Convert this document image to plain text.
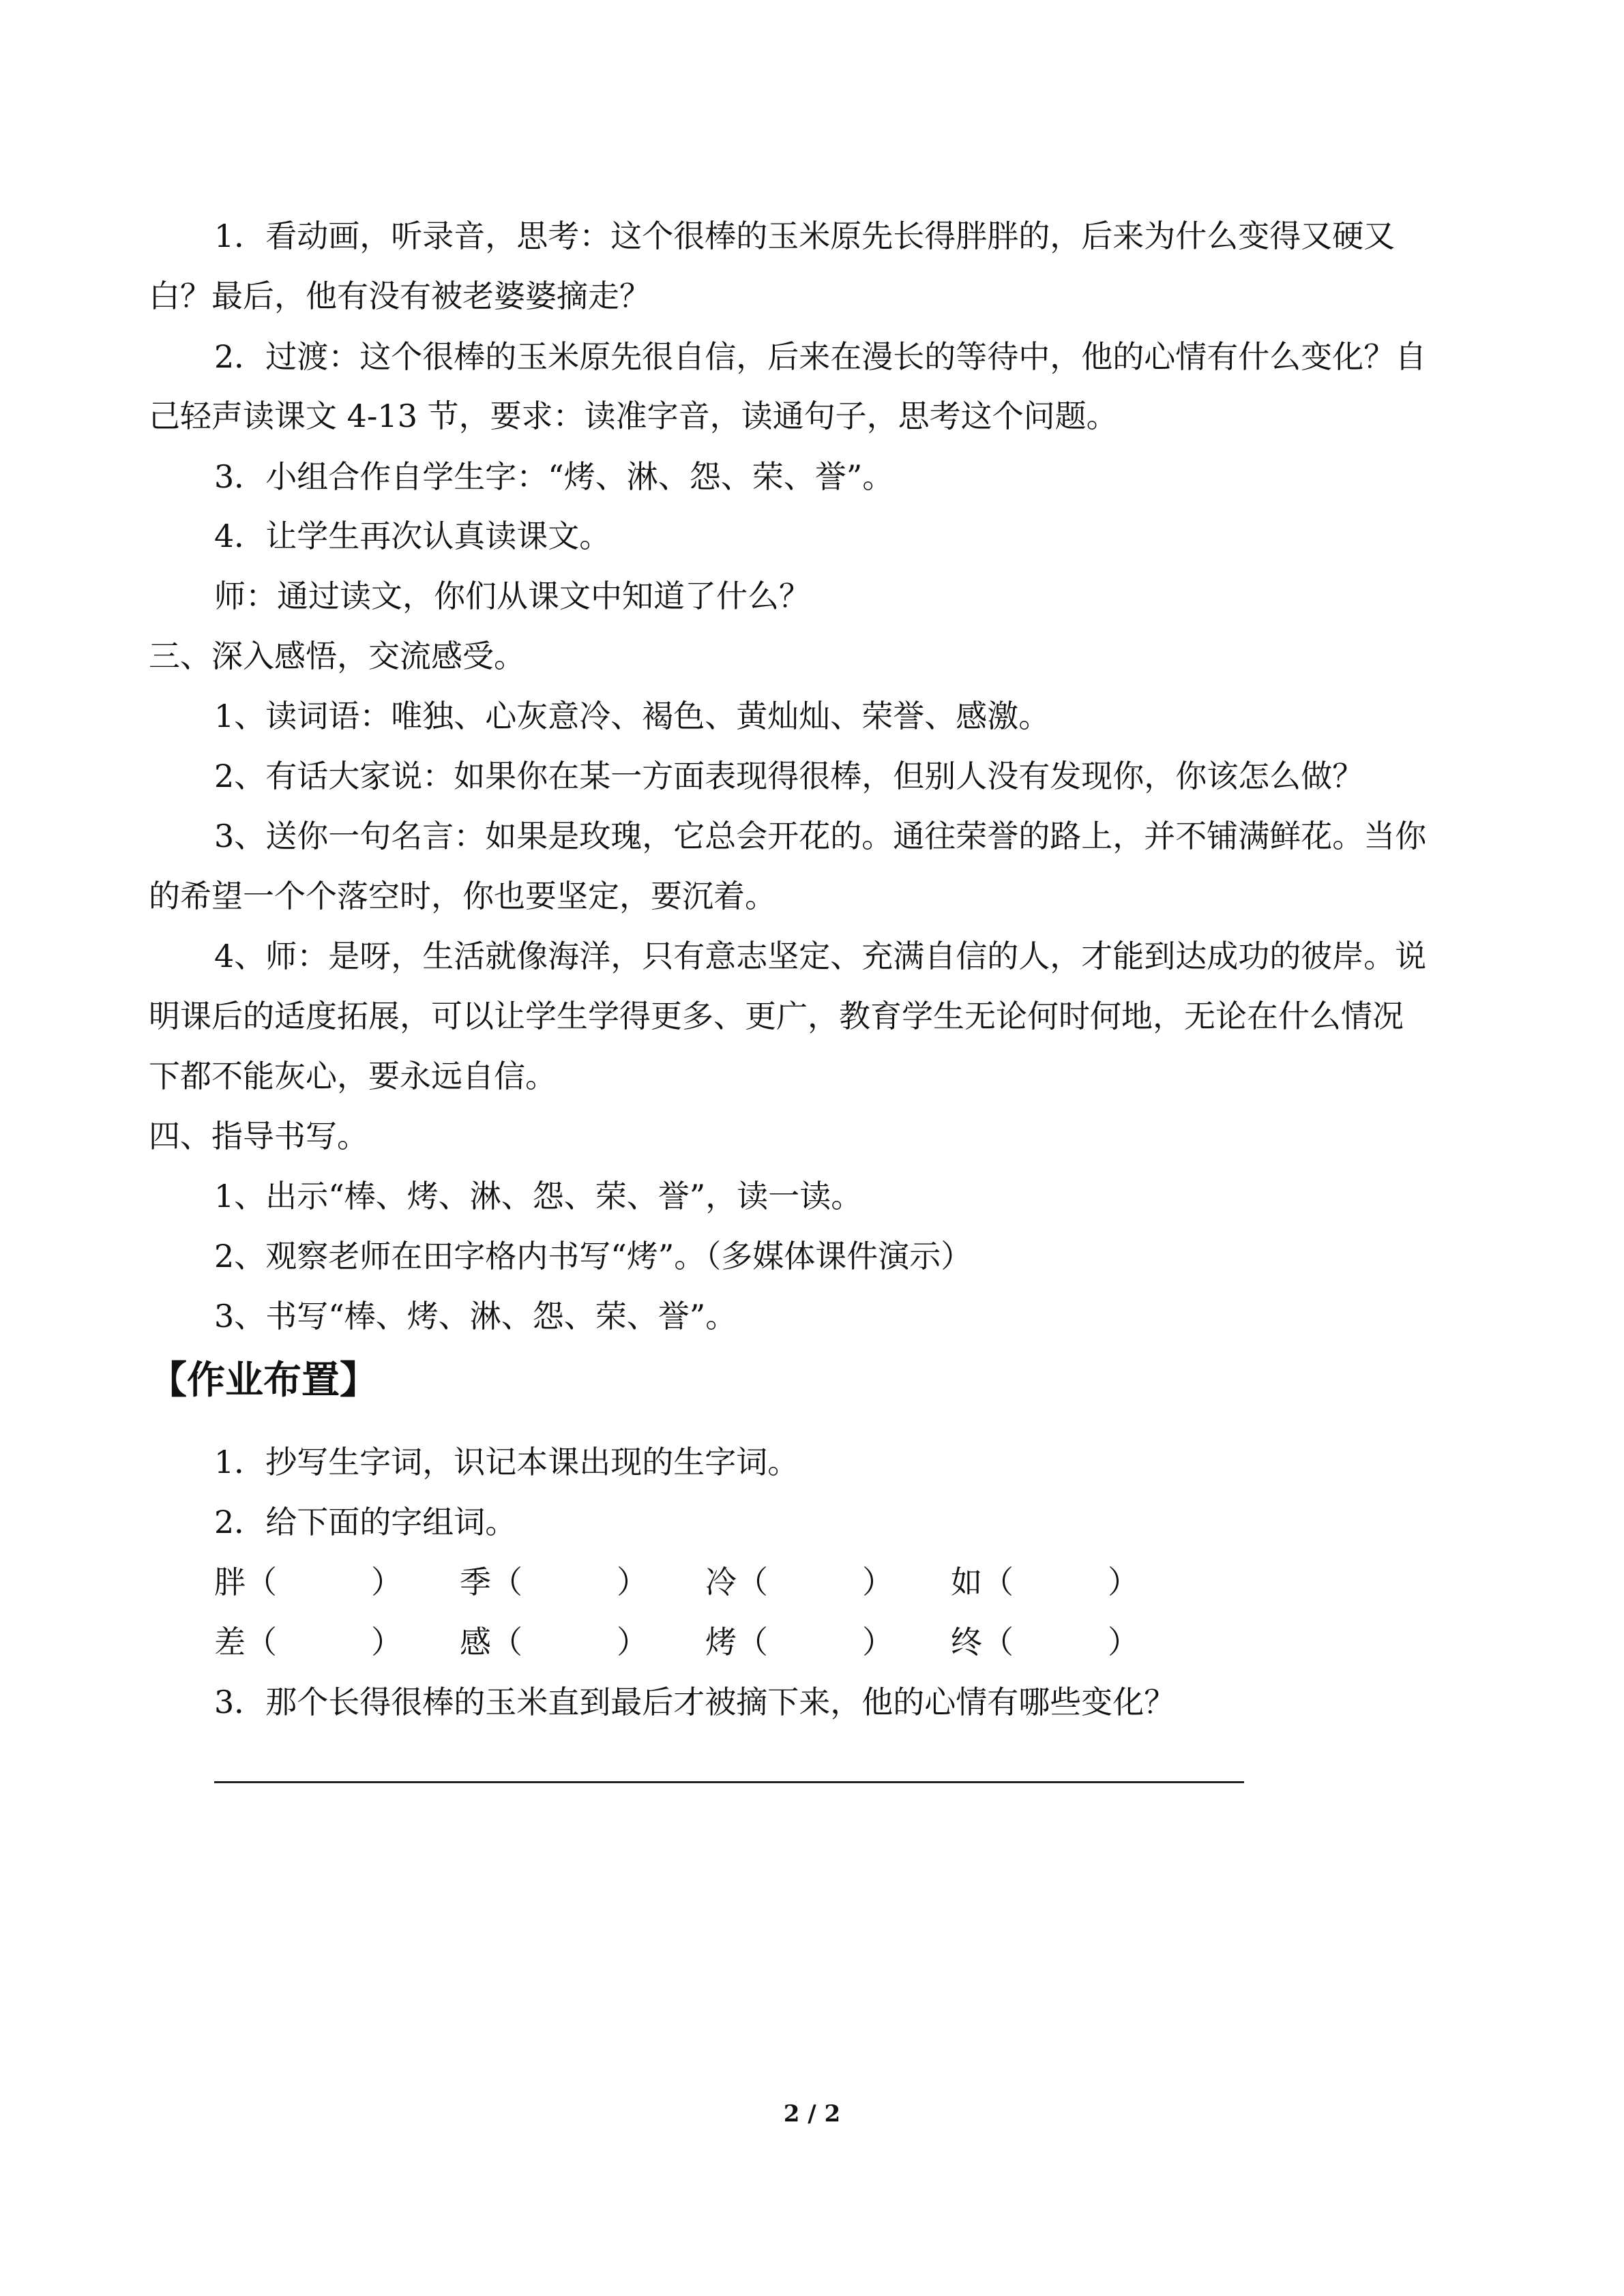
1．看动画，听录音，思考：这个很棒的玉米原先长得胖胖的，后来为什么变得又硬又
白？最后，他有没有被老婆婆摘走？
2．过渡：这个很棒的玉米原先很自信，后来在漫长的等待中，他的心情有什么变化？自
己轻声读课文 4-13 节，要求：读准字音，读通句子，思考这个问题。
3．小组合作自学生字：“烤、淋、怨、荣、誉”。
4．让学生再次认真读课文。
师：通过读文，你们从课文中知道了什么？
三、深入感悟，交流感受。
1、读词语：唯独、心灰意冷、褐色、黄灿灿、荣誉、感激。
2、有话大家说：如果你在某一方面表现得很棒，但别人没有发现你，你该怎么做？
3、送你一句名言：如果是玫瑰，它总会开花的。通往荣誉的路上，并不铺满鲜花。当你
的希望一个个落空时，你也要坚定，要沉着。
4、师：是呀，生活就像海洋，只有意志坚定、充满自信的人，才能到达成功的彼岸。说
明课后的适度拓展，可以让学生学得更多、更广，教育学生无论何时何地，无论在什么情况
下都不能灰心，要永远自信。
四、指导书写。
1、出示“棒、烤、淋、怨、荣、誉”，读一读。
2、观察老师在田字格内书写“烤”。（多媒体课件演示）
3、书写“棒、烤、淋、怨、荣、誉”。
【作业布置】
1．抄写生字词，识记本课出现的生字词。
2．给下面的字组词。
胖（　　　） 季（　　　） 冷（　　　） 如（　　　）
差（　　　） 感（　　　） 烤（　　　） 终（　　　）
3．那个长得很棒的玉米直到最后才被摘下来，他的心情有哪些变化？
2 / 2
